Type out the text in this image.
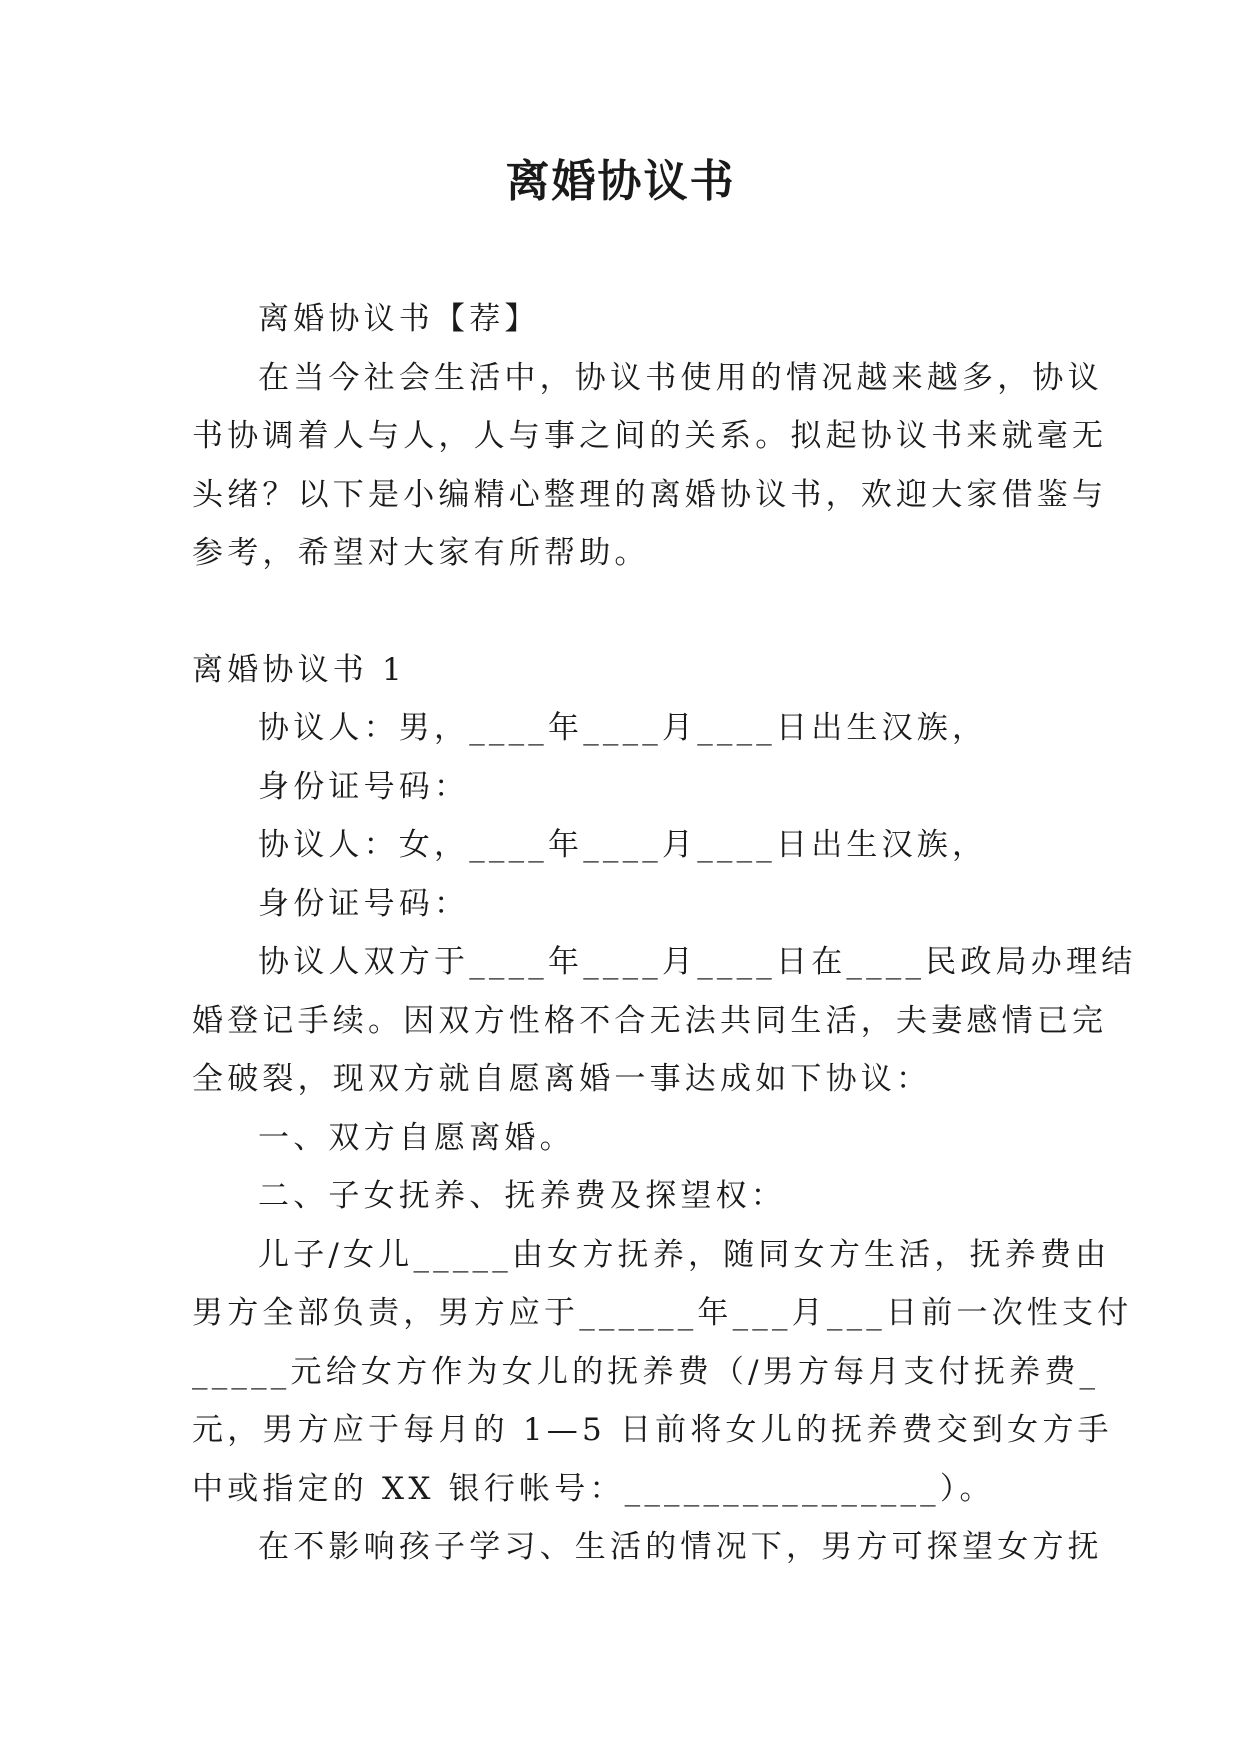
离婚协议书

离婚协议书【荐】

在当今社会生活中，协议书使用的情况越来越多，协议

书协调着人与人，人与事之间的关系。拟起协议书来就毫无

头绪？以下是小编精心整理的离婚协议书，欢迎大家借鉴与

参考，希望对大家有所帮助。

离婚协议书 1

协议人：男，____年____月____日出生汉族，

身份证号码：

协议人：女，____年____月____日出生汉族，

身份证号码：

协议人双方于____年____月____日在____民政局办理结

婚登记手续。因双方性格不合无法共同生活，夫妻感情已完

全破裂，现双方就自愿离婚一事达成如下协议：

一、双方自愿离婚。

二、子女抚养、抚养费及探望权：

儿子/女儿_____由女方抚养，随同女方生活，抚养费由

男方全部负责，男方应于______年___月___日前一次性支付

_____元给女方作为女儿的抚养费（/男方每月支付抚养费_

元，男方应于每月的 1—5 日前将女儿的抚养费交到女方手

中或指定的 XX 银行帐号：________________）。

在不影响孩子学习、生活的情况下，男方可探望女方抚
